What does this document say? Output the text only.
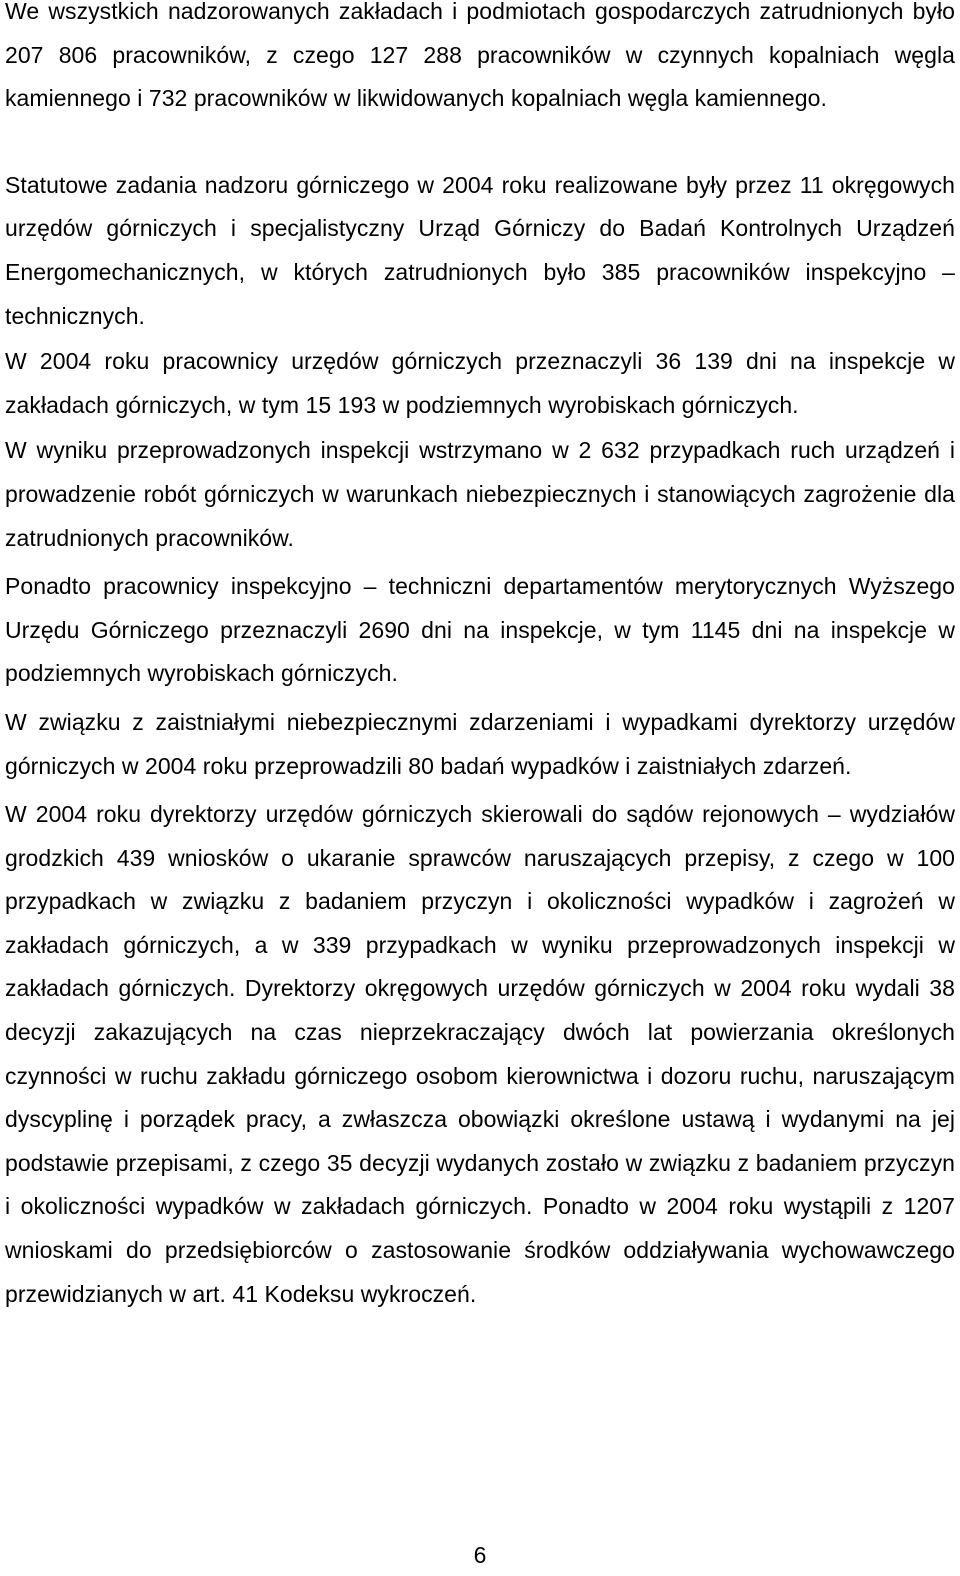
We wszystkich nadzorowanych zakładach i podmiotach gospodarczych zatrudnionych było 207 806 pracowników, z czego 127 288 pracowników w czynnych kopalniach węgla kamiennego i 732 pracowników w likwidowanych kopalniach węgla kamiennego.

Statutowe zadania nadzoru górniczego w 2004 roku realizowane były przez 11 okręgowych urzędów górniczych i specjalistyczny Urząd Górniczy do Badań Kontrolnych Urządzeń Energomechanicznych, w których zatrudnionych było 385 pracowników inspekcyjno – technicznych.

W 2004 roku pracownicy urzędów górniczych przeznaczyli 36 139 dni na inspekcje w zakładach górniczych, w tym 15 193 w podziemnych wyrobiskach górniczych.

W wyniku przeprowadzonych inspekcji wstrzymano w 2 632 przypadkach ruch urządzeń i prowadzenie robót górniczych w warunkach niebezpiecznych i stanowiących zagrożenie dla zatrudnionych pracowników.

Ponadto pracownicy inspekcyjno – techniczni departamentów merytorycznych Wyższego Urzędu Górniczego przeznaczyli 2690 dni na inspekcje, w tym 1145 dni na inspekcje w podziemnych wyrobiskach górniczych.

W związku z zaistniałymi niebezpiecznymi zdarzeniami i wypadkami dyrektorzy urzędów górniczych w 2004 roku przeprowadzili 80 badań wypadków i zaistniałych zdarzeń.

W 2004 roku dyrektorzy urzędów górniczych skierowali do sądów rejonowych – wydziałów grodzkich 439 wniosków o ukaranie sprawców naruszających przepisy, z czego w 100 przypadkach w związku z badaniem przyczyn i okoliczności wypadków i zagrożeń w zakładach górniczych, a w 339 przypadkach w wyniku przeprowadzonych inspekcji w zakładach górniczych. Dyrektorzy okręgowych urzędów górniczych w 2004 roku wydali 38 decyzji zakazujących na czas nieprzekraczający dwóch lat powierzania określonych czynności w ruchu zakładu górniczego osobom kierownictwa i dozoru ruchu, naruszającym dyscyplinę i porządek pracy, a zwłaszcza obowiązki określone ustawą i wydanymi na jej podstawie przepisami, z czego 35 decyzji wydanych zostało w związku z badaniem przyczyn i okoliczności wypadków w zakładach górniczych. Ponadto w 2004 roku wystąpili z 1207 wnioskami do przedsiębiorców o zastosowanie środków oddziaływania wychowawczego przewidzianych w art. 41 Kodeksu wykroczeń.

6
